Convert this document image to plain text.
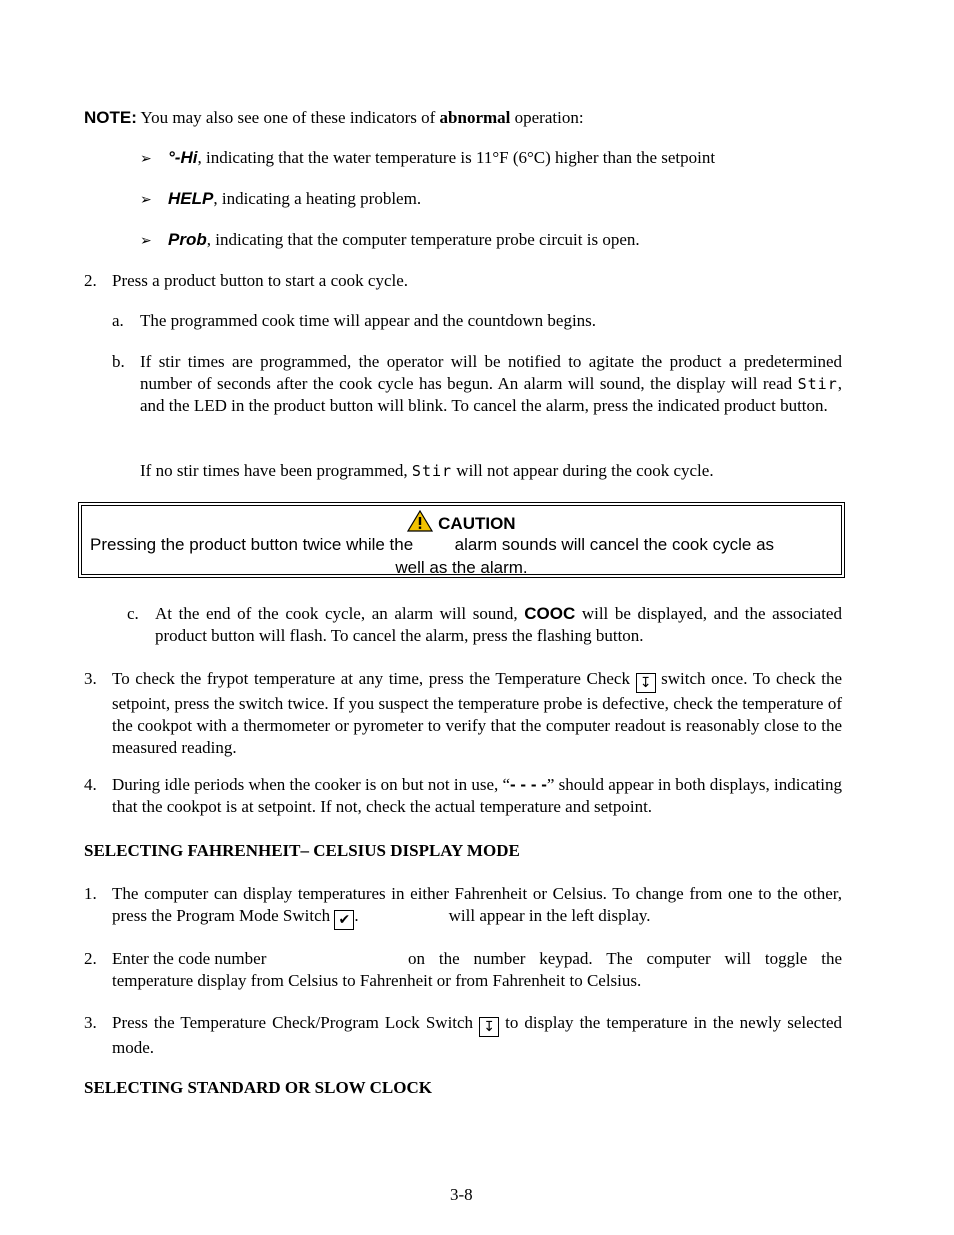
NOTE: You may also see one of these indicators of abnormal operation:
➢ °-Hi, indicating that the water temperature is 11°F (6°C) higher than the setpoint
➢ HELP, indicating a heating problem.
➢ Prob, indicating that the computer temperature probe circuit is open.
2. Press a product button to start a cook cycle.
a. The programmed cook time will appear and the countdown begins.
b. If stir times are programmed, the operator will be notified to agitate the product a predetermined number of seconds after the cook cycle has begun. An alarm will sound, the display will read Stir, and the LED in the product button will blink. To cancel the alarm, press the indicated product button.
If no stir times have been programmed, Stir will not appear during the cook cycle.
CAUTION
Pressing the product button twice while the alarm sounds will cancel the cook cycle as
well as the alarm.
c. At the end of the cook cycle, an alarm will sound, COOC will be displayed, and the associated product button will flash. To cancel the alarm, press the flashing button.
3. To check the frypot temperature at any time, press the Temperature Check ↧ switch once. To check the setpoint, press the switch twice. If you suspect the temperature probe is defective, check the temperature of the cookpot with a thermometer or pyrometer to verify that the computer readout is reasonably close to the measured reading.
4. During idle periods when the cooker is on but not in use, “- - - -” should appear in both displays, indicating that the cookpot is at setpoint. If not, check the actual temperature and setpoint.
SELECTING FAHRENHEIT– CELSIUS DISPLAY MODE
1. The computer can display temperatures in either Fahrenheit or Celsius. To change from one to the other, press the Program Mode Switch ✔ .	will appear in the left display.
2. Enter the code number	on the number keypad. The computer will toggle the temperature display from Celsius to Fahrenheit or from Fahrenheit to Celsius.
3. Press the Temperature Check/Program Lock Switch ↧ to display the temperature in the newly selected mode.
SELECTING STANDARD OR SLOW CLOCK
3-8
